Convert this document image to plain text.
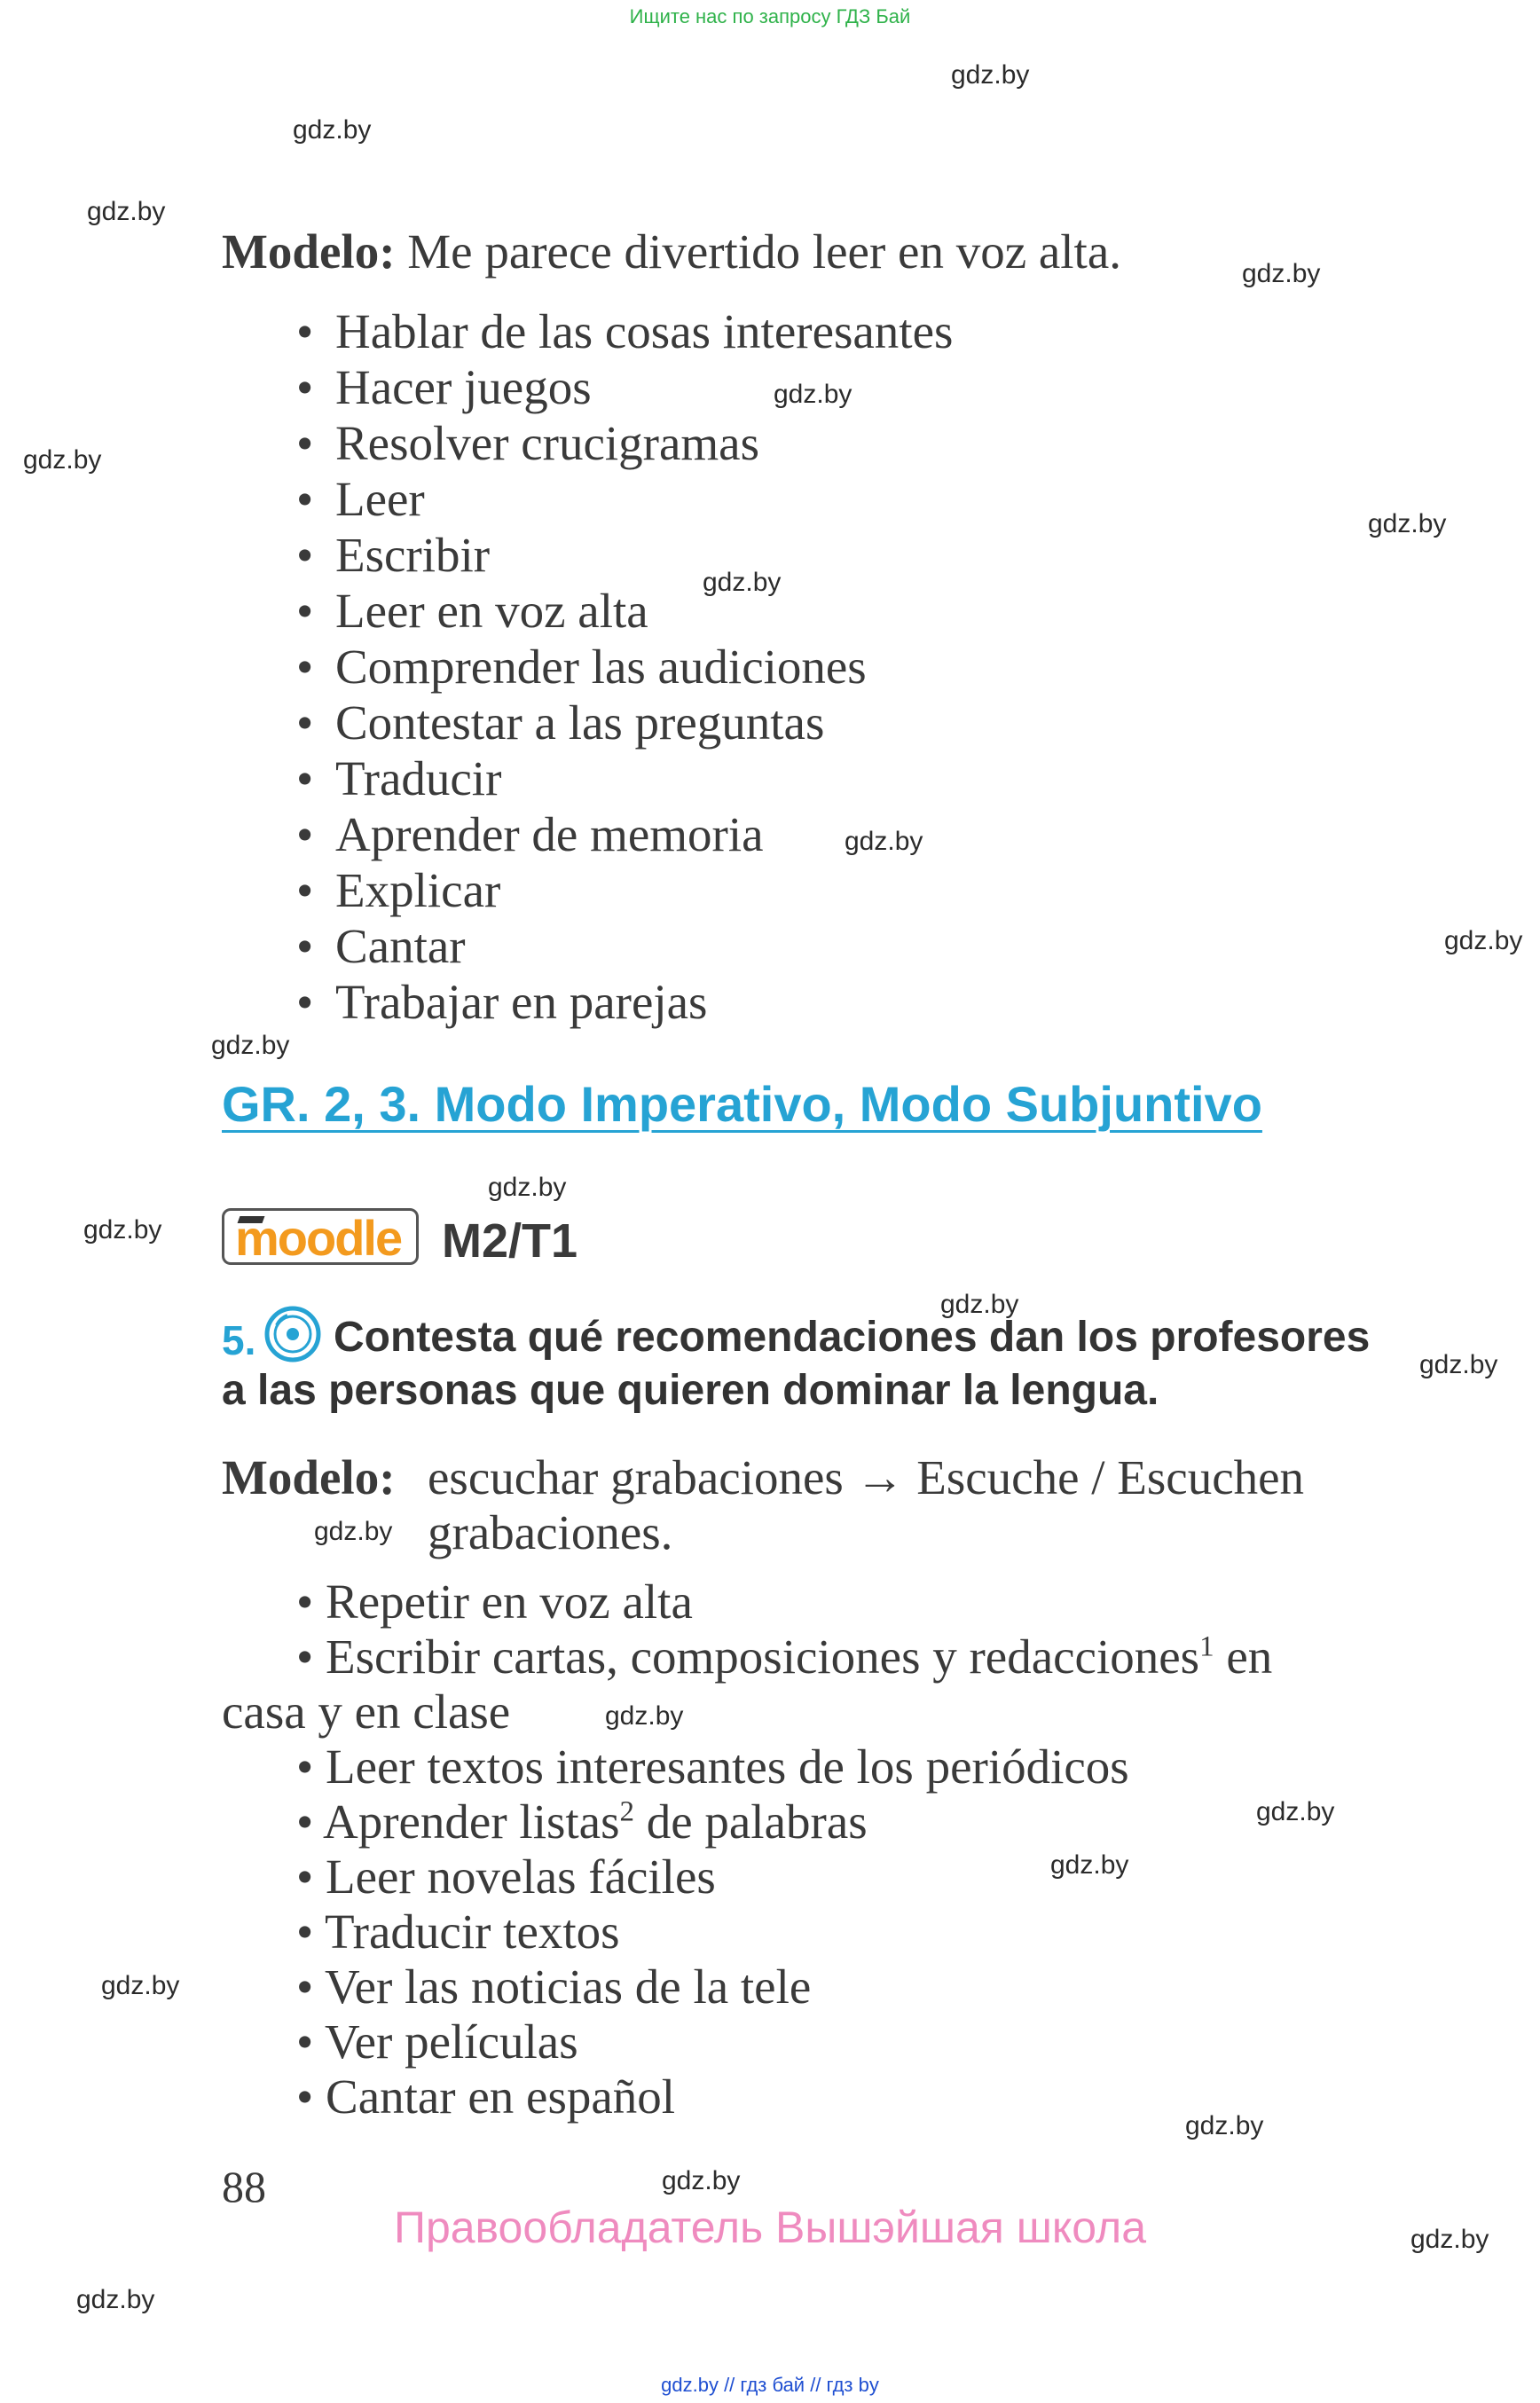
Ищите нас по запросу ГДЗ Бай
gdz.by
gdz.by
gdz.by
gdz.by
gdz.by
gdz.by
gdz.by
gdz.by
gdz.by
gdz.by
gdz.by
gdz.by
gdz.by
gdz.by
gdz.by
gdz.by
gdz.by
gdz.by
gdz.by
gdz.by
gdz.by
gdz.by
gdz.by
gdz.by
Modelo: Me parece divertido leer en voz alta.
• Hablar de las cosas interesantes
• Hacer juegos
• Resolver crucigramas
• Leer
• Escribir
• Leer en voz alta
• Comprender las audiciones
• Contestar a las preguntas
• Traducir
• Aprender de memoria
• Explicar
• Cantar
• Trabajar en parejas
GR. 2, 3. Modo Imperativo, Modo Subjuntivo
moodle M2/T1
5. Contesta qué recomendaciones dan los profesores
a las personas que quieren dominar la lengua.
Modelo: escuchar grabaciones → Escuche / Escuchen
grabaciones.
• Repetir en voz alta
• Escribir cartas, composiciones y redacciones$^1$ en
casa y en clase
• Leer textos interesantes de los periódicos
• Aprender listas$^2$ de palabras
• Leer novelas fáciles
• Traducir textos
• Ver las noticias de la tele
• Ver películas
• Cantar en español
88
Правообладатель Вышэйшая школа
gdz.by // гдз бай // гдз by
